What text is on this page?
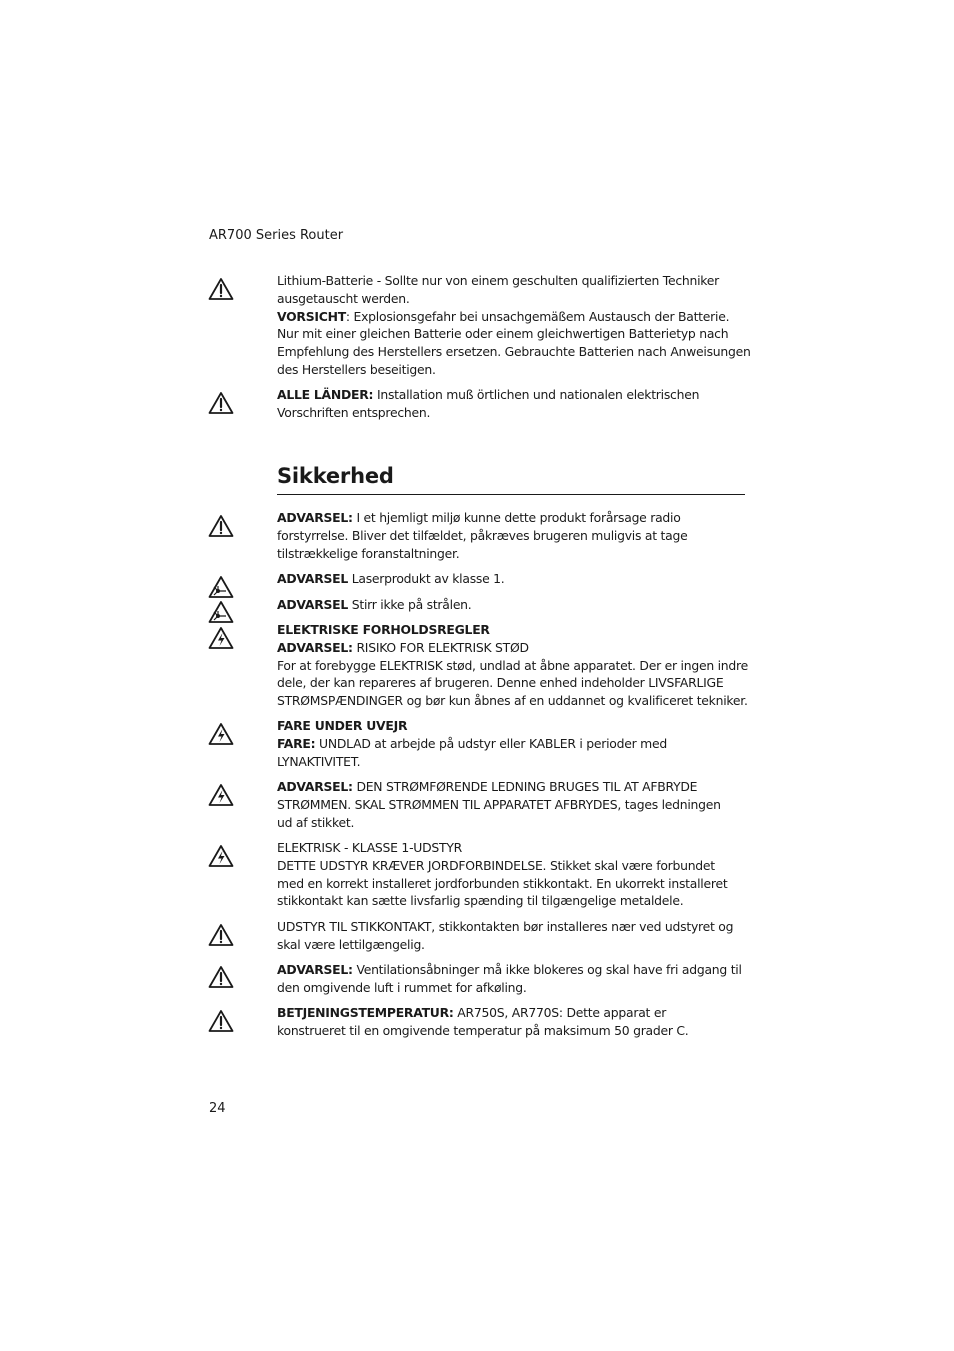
AR700 Series Router
Lithium-Batterie - Sollte nur von einem geschulten qualifizierten Techniker
ausgetauscht werden.
VORSICHT: Explosionsgefahr bei unsachgemäßem Austausch der Batterie.
Nur mit einer gleichen Batterie oder einem gleichwertigen Batterietyp nach
Empfehlung des Herstellers ersetzen. Gebrauchte Batterien nach Anweisungen
des Herstellers beseitigen.
ALLE LÄNDER: Installation muß örtlichen und nationalen elektrischen
Vorschriften entsprechen.
Sikkerhed
ADVARSEL: I et hjemligt miljø kunne dette produkt forårsage radio
forstyrrelse. Bliver det tilfældet, påkræves brugeren muligvis at tage
tilstrækkelige foranstaltninger.
ADVARSEL Laserprodukt av klasse 1.
ADVARSEL Stirr ikke på strålen.
ELEKTRISKE FORHOLDSREGLER
ADVARSEL: RISIKO FOR ELEKTRISK STØD
For at forebygge ELEKTRISK stød, undlad at åbne apparatet. Der er ingen indre
dele, der kan repareres af brugeren. Denne enhed indeholder LIVSFARLIGE
STRØMSPÆNDINGER og bør kun åbnes af en uddannet og kvalificeret tekniker.
FARE UNDER UVEJR
FARE: UNDLAD at arbejde på udstyr eller KABLER i perioder med
LYNAKTIVITET.
ADVARSEL: DEN STRØMFØRENDE LEDNING BRUGES TIL AT AFBRYDE
STRØMMEN. SKAL STRØMMEN TIL APPARATET AFBRYDES, tages ledningen
ud af stikket.
ELEKTRISK - KLASSE 1-UDSTYR
DETTE UDSTYR KRÆVER JORDFORBINDELSE. Stikket skal være forbundet
med en korrekt installeret jordforbunden stikkontakt. En ukorrekt installeret
stikkontakt kan sætte livsfarlig spænding til tilgængelige metaldele.
UDSTYR TIL STIKKONTAKT, stikkontakten bør installeres nær ved udstyret og
skal være lettilgængelig.
ADVARSEL: Ventilationsåbninger må ikke blokeres og skal have fri adgang til
den omgivende luft i rummet for afkøling.
BETJENINGSTEMPERATUR: AR750S, AR770S: Dette apparat er
konstrueret til en omgivende temperatur på maksimum 50 grader C.
24
